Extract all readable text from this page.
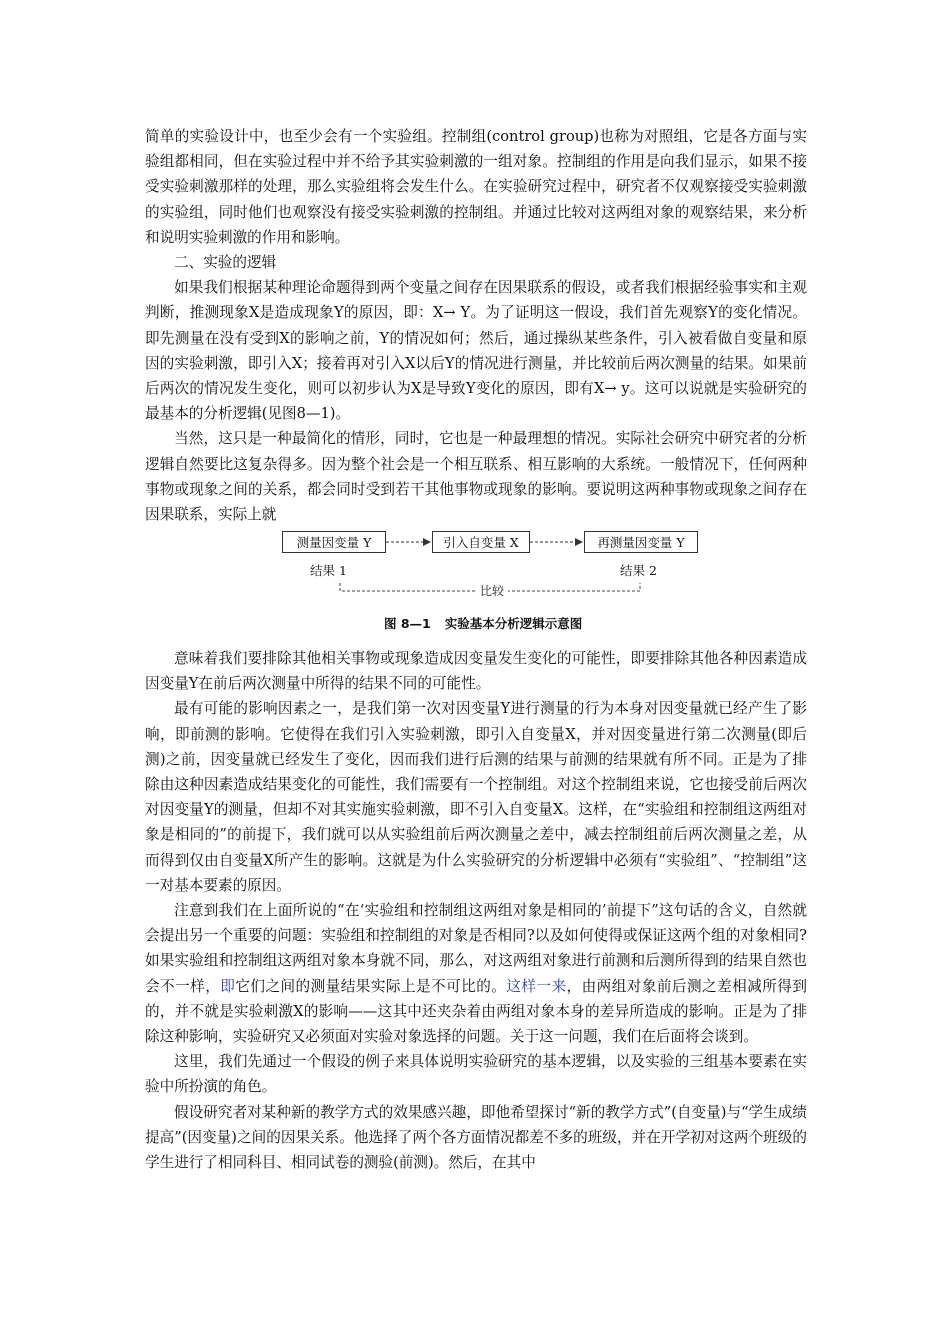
简单的实验设计中，也至少会有一个实验组。控制组(control group)也称为对照组，它是各方面与实验组都相同，但在实验过程中并不给予其实验刺激的一组对象。控制组的作用是向我们显示，如果不接受实验刺激那样的处理，那么实验组将会发生什么。在实验研究过程中，研究者不仅观察接受实验刺激的实验组，同时他们也观察没有接受实验刺激的控制组。并通过比较对这两组对象的观察结果，来分析和说明实验刺激的作用和影响。

二、实验的逻辑

如果我们根据某种理论命题得到两个变量之间存在因果联系的假设，或者我们根据经验事实和主观判断，推测现象X是造成现象Y的原因，即：X→ Y。为了证明这一假设，我们首先观察Y的变化情况。即先测量在没有受到X的影响之前，Y的情况如何；然后，通过操纵某些条件，引入被看做自变量和原因的实验刺激，即引入X；接着再对引入X以后Y的情况进行测量，并比较前后两次测量的结果。如果前后两次的情况发生变化，则可以初步认为X是导致Y变化的原因，即有X→ y。这可以说就是实验研究的最基本的分析逻辑(见图8—1)。

当然，这只是一种最简化的情形，同时，它也是一种最理想的情况。实际社会研究中研究者的分析逻辑自然要比这复杂得多。因为整个社会是一个相互联系、相互影响的大系统。一般情况下，任何两种事物或现象之间的关系，都会同时受到若干其他事物或现象的影响。要说明这两种事物或现象之间存在因果联系，实际上就

测量因变量 Y	引入自变量 X	再测量因变量 Y
结果 1	结果 2
比较
图 8—1 实验基本分析逻辑示意图

意味着我们要排除其他相关事物或现象造成因变量发生变化的可能性，即要排除其他各种因素造成因变量Y在前后两次测量中所得的结果不同的可能性。

最有可能的影响因素之一，是我们第一次对因变量Y进行测量的行为本身对因变量就已经产生了影响，即前测的影响。它使得在我们引入实验刺激，即引入自变量X，并对因变量进行第二次测量(即后测)之前，因变量就已经发生了变化，因而我们进行后测的结果与前测的结果就有所不同。正是为了排除由这种因素造成结果变化的可能性，我们需要有一个控制组。对这个控制组来说，它也接受前后两次对因变量Y的测量，但却不对其实施实验刺激，即不引入自变量X。这样，在“实验组和控制组这两组对象是相同的”的前提下，我们就可以从实验组前后两次测量之差中，减去控制组前后两次测量之差，从而得到仅由自变量X所产生的影响。这就是为什么实验研究的分析逻辑中必须有“实验组”、“控制组”这一对基本要素的原因。

注意到我们在上面所说的“在‘实验组和控制组这两组对象是相同的’前提下”这句话的含义，自然就会提出另一个重要的问题：实验组和控制组的对象是否相同?以及如何使得或保证这两个组的对象相同?如果实验组和控制组这两组对象本身就不同，那么，对这两组对象进行前测和后测所得到的结果自然也会不一样，即它们之间的测量结果实际上是不可比的。这样一来，由两组对象前后测之差相减所得到的，并不就是实验刺激X的影响——这其中还夹杂着由两组对象本身的差异所造成的影响。正是为了排除这种影响，实验研究又必须面对实验对象选择的问题。关于这一问题，我们在后面将会谈到。

这里，我们先通过一个假设的例子来具体说明实验研究的基本逻辑，以及实验的三组基本要素在实验中所扮演的角色。

假设研究者对某种新的教学方式的效果感兴趣，即他希望探讨“新的教学方式”(自变量)与“学生成绩提高”(因变量)之间的因果关系。他选择了两个各方面情况都差不多的班级，并在开学初对这两个班级的学生进行了相同科目、相同试卷的测验(前测)。然后，在其中
